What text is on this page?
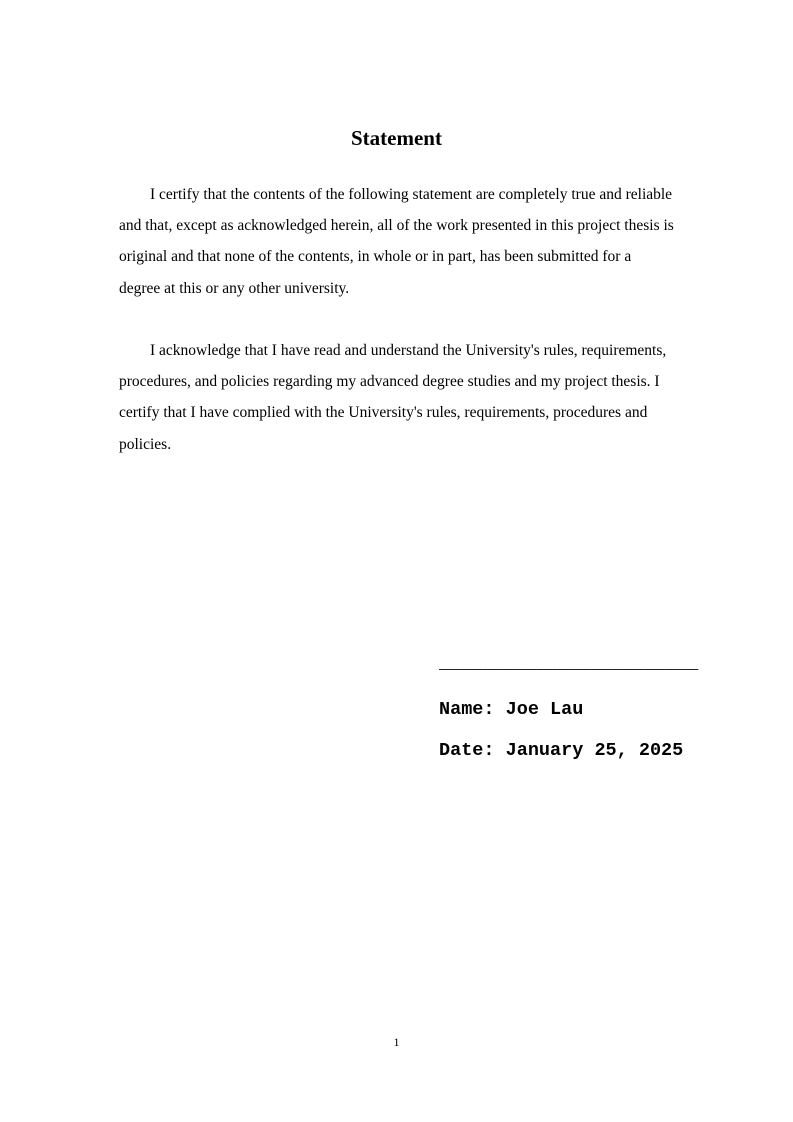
Statement

I certify that the contents of the following statement are completely true and reliable and that, except as acknowledged herein, all of the work presented in this project thesis is original and that none of the contents, in whole or in part, has been submitted for a degree at this or any other university.

I acknowledge that I have read and understand the University's rules, requirements, procedures, and policies regarding my advanced degree studies and my project thesis. I certify that I have complied with the University's rules, requirements, procedures and policies.

________________________
Name: Joe Lau
Date: January 25, 2025
1
